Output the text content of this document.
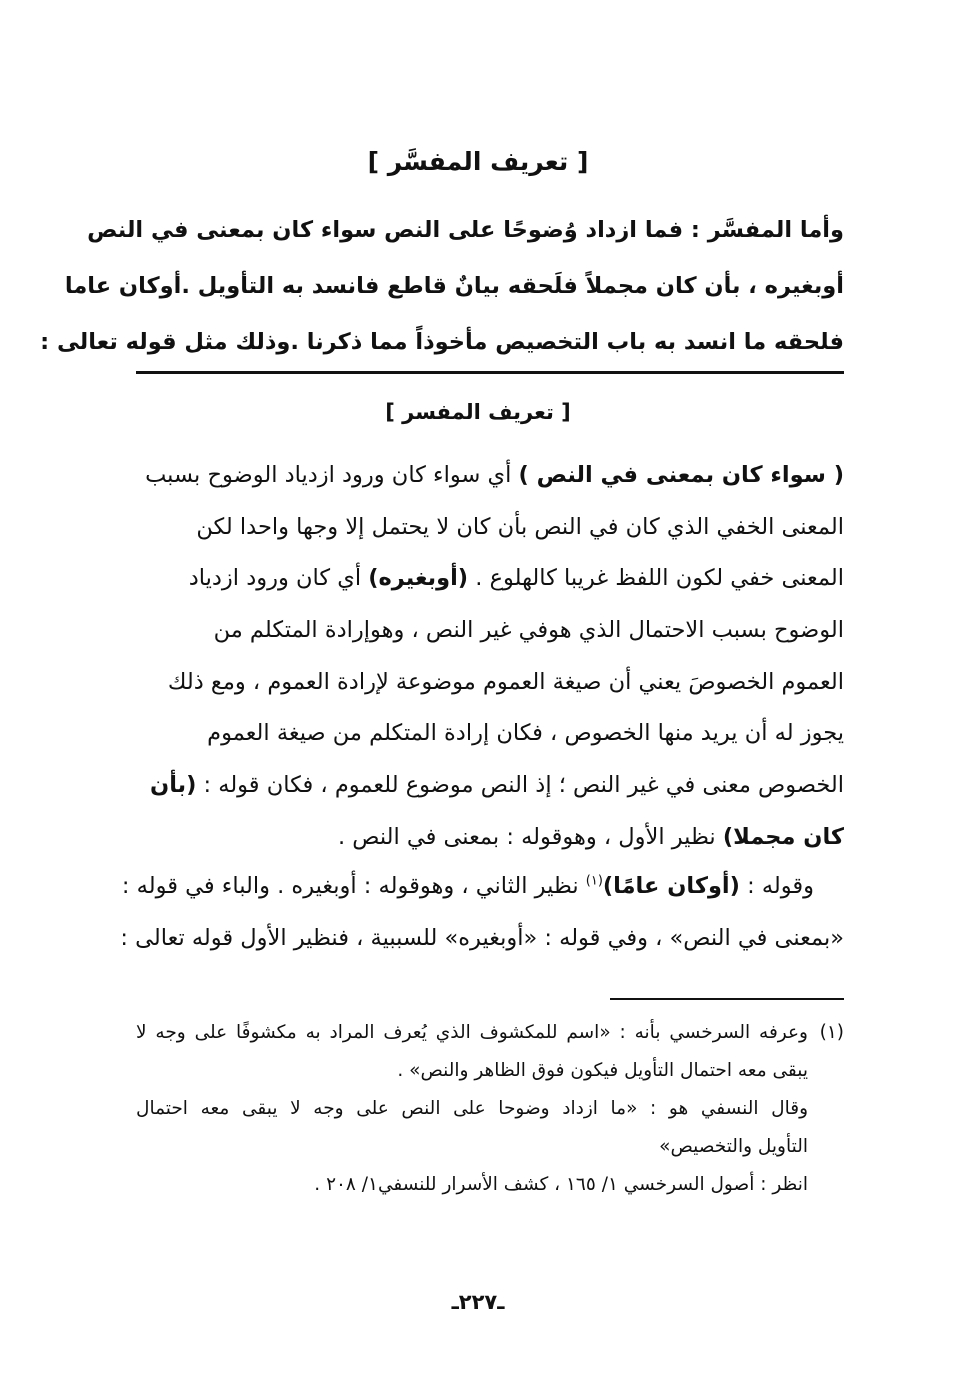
[ تعريف المفسَّر ]
وأما المفسَّر : فما ازداد وُضوحًا على النص سواء كان بمعنى في النص
أوبغيره ، بأن كان مجملاً فلَحقه بيانٌ قاطع فانسد به التأويل .أوكان عاما
فلحقه ما انسد به باب التخصيص مأخوذاً مما ذكرنا .وذلك مثل قوله تعالى :
[ تعريف المفسر ]
( سواء كان بمعنى في النص ) أي سواء كان ورود ازدياد الوضوح بسبب
المعنى الخفي الذي كان في النص بأن كان لا يحتمل إلا وجها واحدا لكن
المعنى خفي لكون اللفظ غريبا كالهلوع . (أوبغيره) أي كان ورود ازدياد
الوضوح بسبب الاحتمال الذي هوفي غير النص ، وهوإرادة المتكلم من
العموم الخصوصَ يعني أن صيغة العموم موضوعة لإرادة العموم ، ومع ذلك
يجوز له أن يريد منها الخصوص ، فكان إرادة المتكلم من صيغة العموم
الخصوص معنى في غير النص ؛ إذ النص موضوع للعموم ، فكان قوله : (بأن
كان مجملا) نظير الأول ، وهوقوله : بمعنى في النص .
وقوله : (أوكان عامًا)$^{(١)}$ نظير الثاني ، وهوقوله : أوبغيره . والباء في قوله :
«بمعنى في النص» ، وفي قوله : «أوبغيره» للسببية ، فنظير الأول قوله تعالى :
(١)وعرفه السرخسي بأنه : «اسم للمكشوف الذي يُعرف المراد به مكشوفًا على وجه لا
يبقى معه احتمال التأويل فيكون فوق الظاهر والنص» .
وقال النسفي هو : «ما ازداد وضوحا على النص على وجه لا يبقى معه احتمال
التأويل والتخصيص»
انظر : أصول السرخسي ١/ ١٦٥ ، كشف الأسرار للنسفي١/ ٢٠٨ .
ـ٢٢٧ـ
